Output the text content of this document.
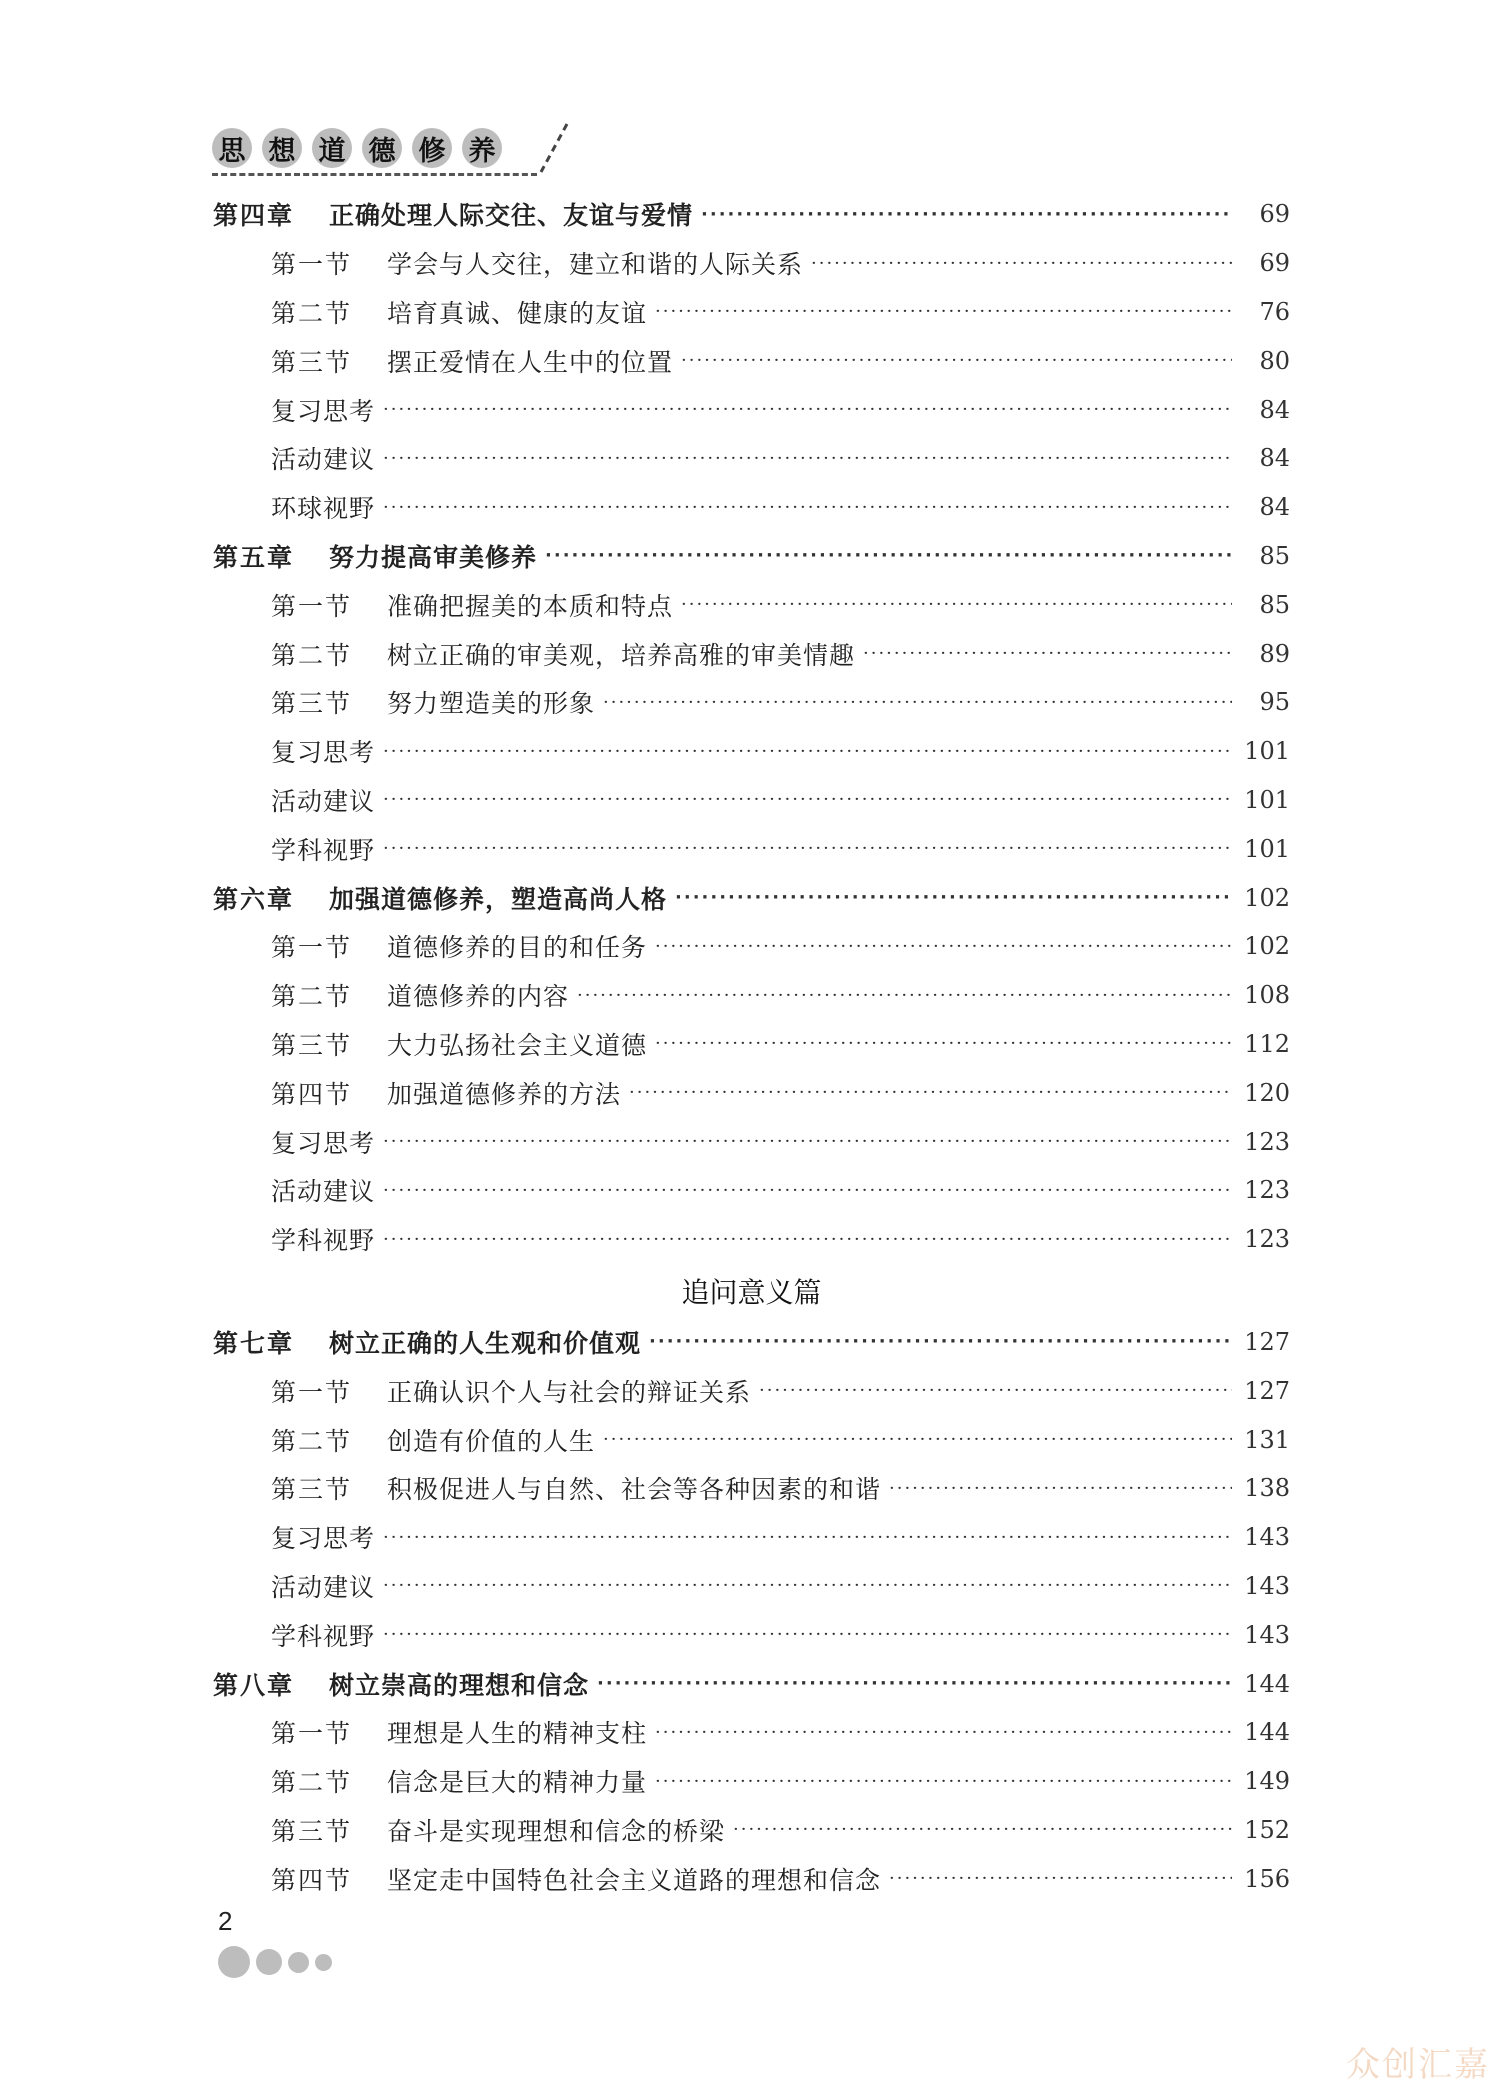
思 想 道 德 修 养
第四章	正确处理人际交往、友谊与爱情 ·····	69
第一节	学会与人交往，建立和谐的人际关系 ·····	69
第二节	培育真诚、健康的友谊 ·····	76
第三节	摆正爱情在人生中的位置 ·····	80
复习思考 ·····	84
活动建议 ·····	84
环球视野 ·····	84
第五章	努力提高审美修养 ·····	85
第一节	准确把握美的本质和特点 ·····	85
第二节	树立正确的审美观，培养高雅的审美情趣 ·····	89
第三节	努力塑造美的形象 ·····	95
复习思考 ·····	101
活动建议 ·····	101
学科视野 ·····	101
第六章	加强道德修养，塑造高尚人格 ·····	102
第一节	道德修养的目的和任务 ·····	102
第二节	道德修养的内容 ·····	108
第三节	大力弘扬社会主义道德 ·····	112
第四节	加强道德修养的方法 ·····	120
复习思考 ·····	123
活动建议 ·····	123
学科视野 ·····	123
追问意义篇
第七章	树立正确的人生观和价值观 ·····	127
第一节	正确认识个人与社会的辩证关系 ·····	127
第二节	创造有价值的人生 ·····	131
第三节	积极促进人与自然、社会等各种因素的和谐 ·····	138
复习思考 ·····	143
活动建议 ·····	143
学科视野 ·····	143
第八章	树立崇高的理想和信念 ·····	144
第一节	理想是人生的精神支柱 ·····	144
第二节	信念是巨大的精神力量 ·····	149
第三节	奋斗是实现理想和信念的桥梁 ·····	152
第四节	坚定走中国特色社会主义道路的理想和信念 ·····	156
2
众创汇嘉
